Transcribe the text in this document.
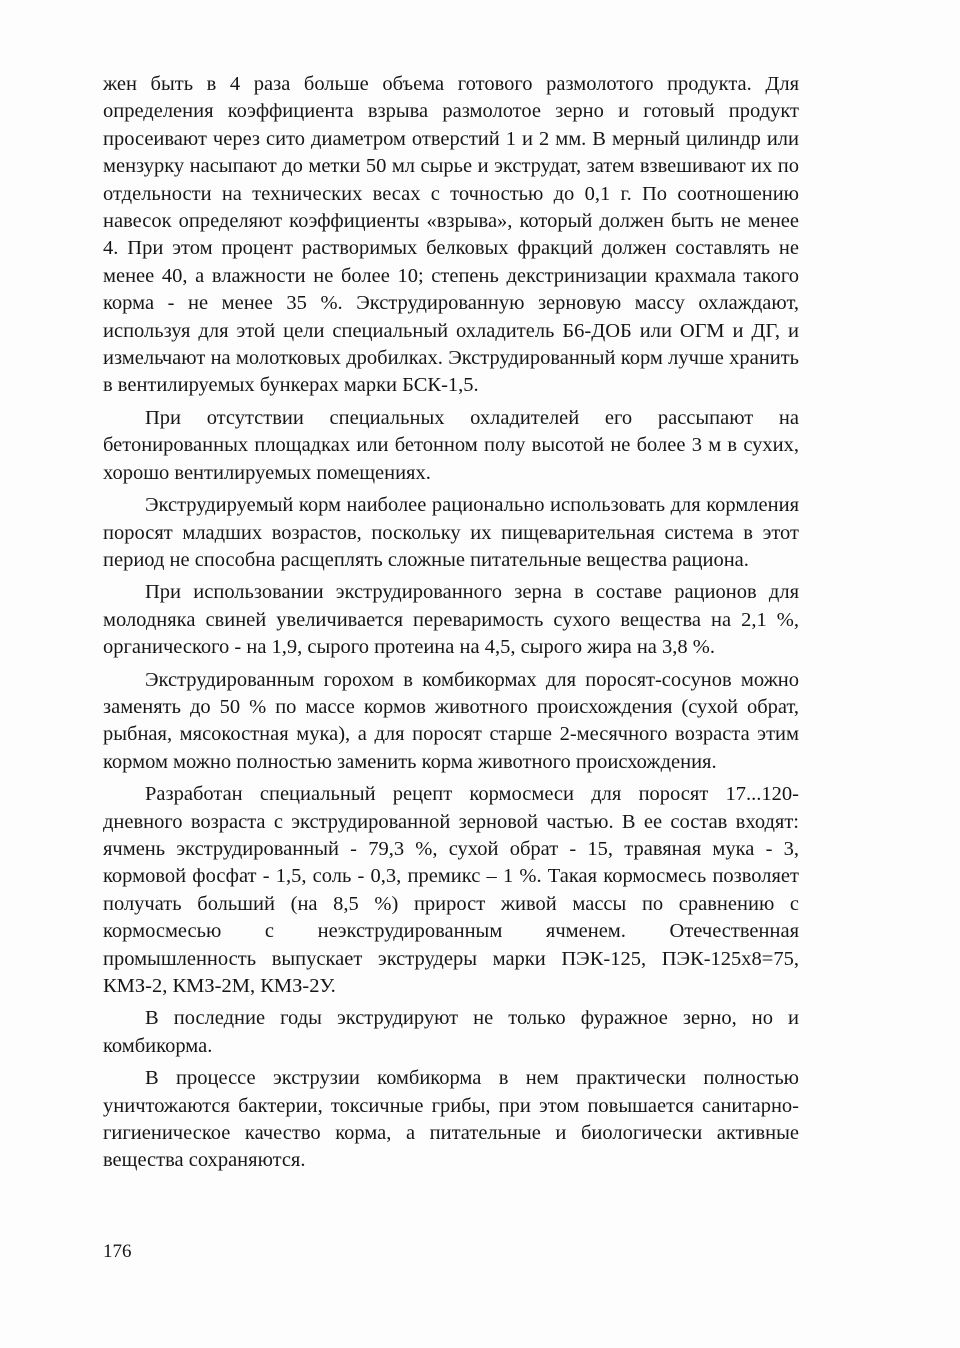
жен быть в 4 раза больше объема готового размолотого продукта. Для определения коэффициента взрыва размолотое зерно и готовый продукт просеивают через сито диаметром отверстий 1 и 2 мм. В мерный цилиндр или мензурку насыпают до метки 50 мл сырье и экструдат, затем взвешивают их по отдельности на технических весах с точностью до 0,1 г. По соотношению навесок определяют коэффициенты «взрыва», который должен быть не менее 4. При этом процент растворимых белковых фракций должен составлять не менее 40, а влажности не более 10; степень декстринизации крахмала такого корма - не менее 35 %. Экструдированную зерновую массу охлаждают, используя для этой цели специальный охладитель Б6-ДОБ или ОГМ и ДГ, и измельчают на молотковых дробилках. Экструдированный корм лучше хранить в вентилируемых бункерах марки БСК-1,5.

При отсутствии специальных охладителей его рассыпают на бетонированных площадках или бетонном полу высотой не более 3 м в сухих, хорошо вентилируемых помещениях.

Экструдируемый корм наиболее рационально использовать для кормления поросят младших возрастов, поскольку их пищеварительная система в этот период не способна расщеплять сложные питательные вещества рациона.

При использовании экструдированного зерна в составе рационов для молодняка свиней увеличивается переваримость сухого вещества на 2,1 %, органического - на 1,9, сырого протеина на 4,5, сырого жира на 3,8 %.

Экструдированным горохом в комбикормах для поросят-сосунов можно заменять до 50 % по массе кормов животного происхождения (сухой обрат, рыбная, мясокостная мука), а для поросят старше 2-месячного возраста этим кормом можно полностью заменить корма животного происхождения.

Разработан специальный рецепт кормосмеси для поросят 17...120-дневного возраста с экструдированной зерновой частью. В ее состав входят: ячмень экструдированный - 79,3 %, сухой обрат - 15, травяная мука - 3, кормовой фосфат - 1,5, соль - 0,3, премикс – 1 %. Такая кормосмесь позволяет получать больший (на 8,5 %) прирост живой массы по сравнению с кормосмесью с неэкструдированным ячменем. Отечественная промышленность выпускает экструдеры марки ПЭК-125, ПЭК-125х8=75, КМЗ-2, КМЗ-2М, КМЗ-2У.

В последние годы экструдируют не только фуражное зерно, но и комбикорма.

В процессе экструзии комбикорма в нем практически полностью уничтожаются бактерии, токсичные грибы, при этом повышается санитарно-гигиеническое качество корма, а питательные и биологически активные вещества сохраняются.

176
